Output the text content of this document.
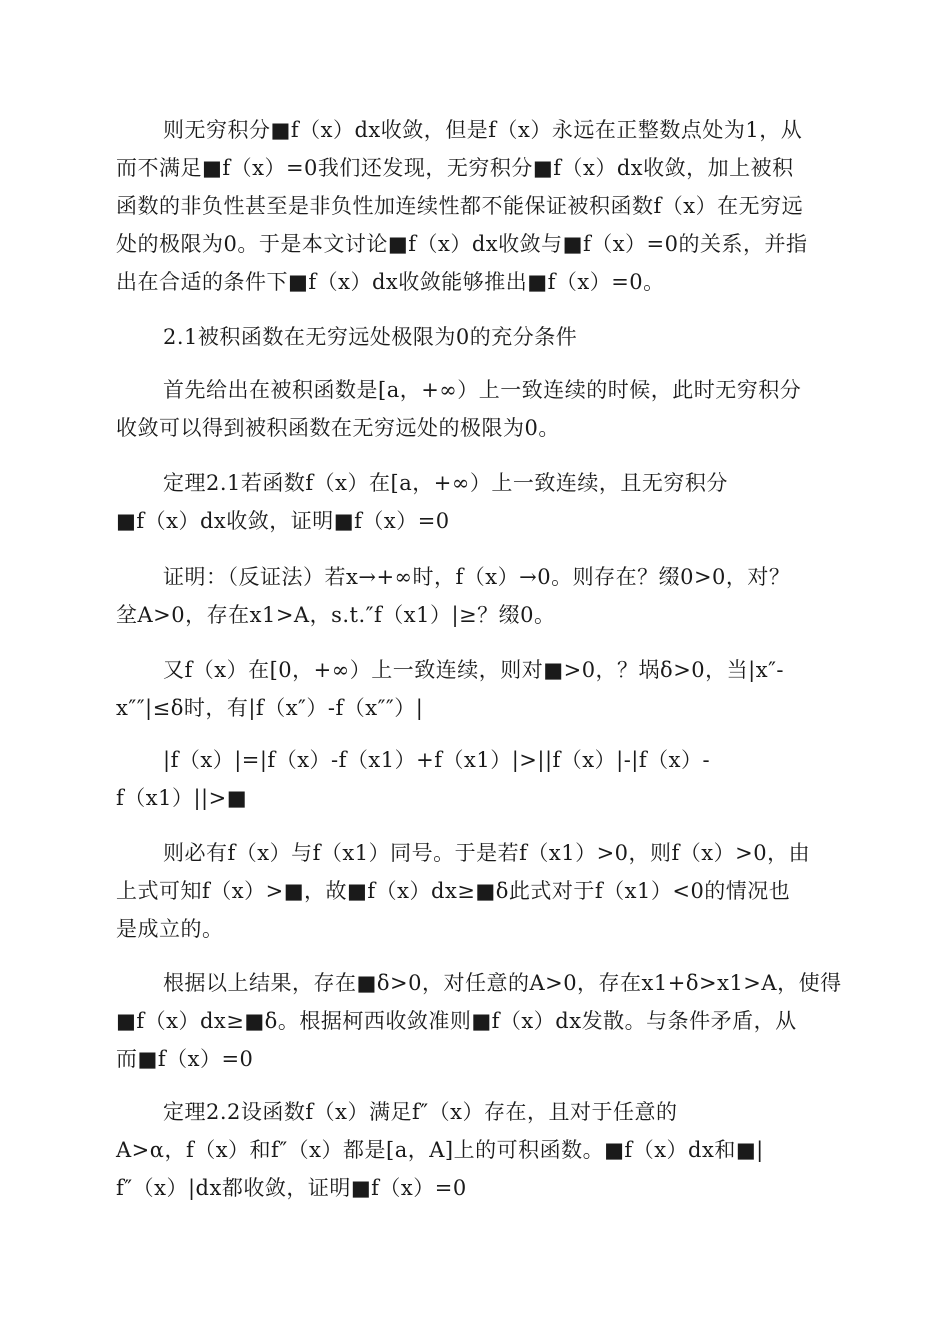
则无穷积分■f（x）dx收敛，但是f（x）永远在正整数点处为1，从
而不满足■f（x）=0我们还发现，无穷积分■f（x）dx收敛，加上被积
函数的非负性甚至是非负性加连续性都不能保证被积函数f（x）在无穷远
处的极限为0。于是本文讨论■f（x）dx收敛与■f（x）=0的关系，并指
出在合适的条件下■f（x）dx收敛能够推出■f（x）=0。
2.1被积函数在无穷远处极限为0的充分条件
首先给出在被积函数是[a，+∞）上一致连续的时候，此时无穷积分
收敛可以得到被积函数在无穷远处的极限为0。
定理2.1若函数f（x）在[a，+∞）上一致连续，且无穷积分
■f（x）dx收敛，证明■f（x）=0
证明：（反证法）若x→+∞时，f（x）→0。则存在？缀0>0，对？
坌A>0，存在x1>A，s.t.″f（x1）|≥？缀0。
又f（x）在[0，+∞）上一致连续，则对■>0，？埚δ>0，当|x″-
x″″|≤δ时，有|f（x″）-f（x″″）|
|f（x）|=|f（x）-f（x1）+f（x1）|>||f（x）|-|f（x）-
f（x1）||>■
则必有f（x）与f（x1）同号。于是若f（x1）>0，则f（x）>0，由
上式可知f（x）>■，故■f（x）dx≥■δ此式对于f（x1）<0的情况也
是成立的。
根据以上结果，存在■δ>0，对任意的A>0，存在x1+δ>x1>A，使得
■f（x）dx≥■δ。根据柯西收敛准则■f（x）dx发散。与条件矛盾，从
而■f（x）=0
定理2.2设函数f（x）满足f″（x）存在，且对于任意的
A>α，f（x）和f″（x）都是[a，A]上的可积函数。■f（x）dx和■|
f″（x）|dx都收敛，证明■f（x）=0
